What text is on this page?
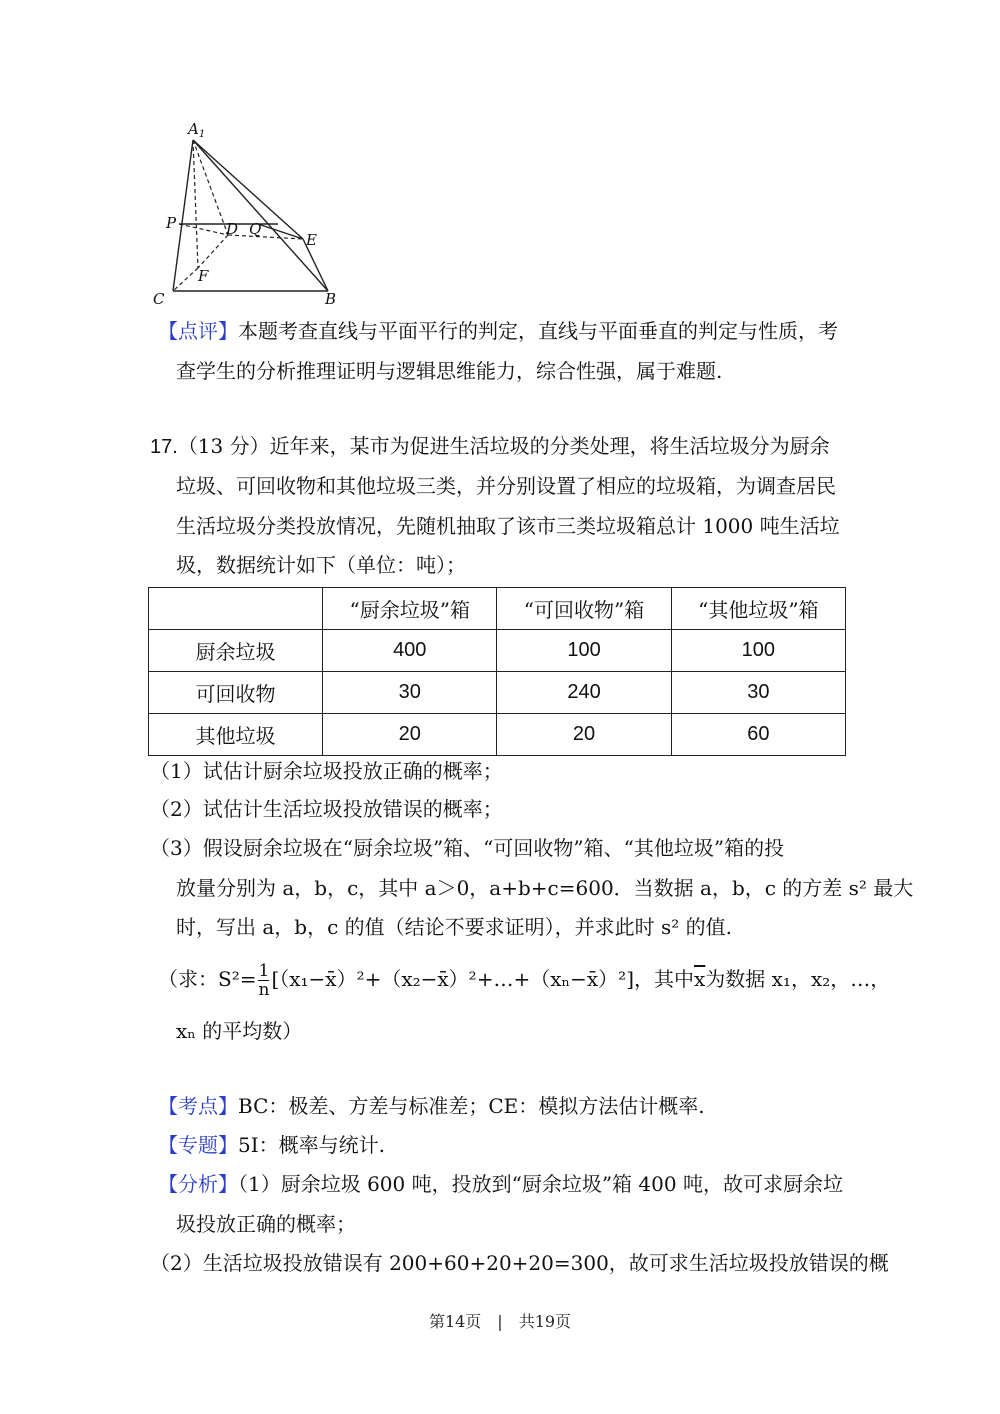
$A_1$
P	D Q
E
F
C	B
【点评】本题考查直线与平面平行的判定，直线与平面垂直的判定与性质，考
查学生的分析推理证明与逻辑思维能力，综合性强，属于难题.
17.（13 分）近年来，某市为促进生活垃圾的分类处理，将生活垃圾分为厨余
垃圾、可回收物和其他垃圾三类，并分别设置了相应的垃圾箱，为调查居民
生活垃圾分类投放情况，先随机抽取了该市三类垃圾箱总计 1000 吨生活垃
圾，数据统计如下（单位：吨）；
	“厨余垃圾”箱	“可回收物”箱	“其他垃圾”箱
厨余垃圾	400	100	100
可回收物	30	240	30
其他垃圾	20	20	60
（1）试估计厨余垃圾投放正确的概率；
（2）试估计生活垃圾投放错误的概率；
（3）假设厨余垃圾在“厨余垃圾”箱、“可回收物”箱、“其他垃圾”箱的投
放量分别为 a，b，c，其中 a＞0，a+b+c=600．当数据 a，b，c 的方差 s² 最大
时，写出 a，b，c 的值（结论不要求证明），并求此时 s² 的值.
（求：$S^2= \frac{1}{n}$ [（x₁−x̄）²+（x₂−x̄）²+…+（xₙ−x̄）²]，其中$\overline{x}$为数据 x₁，x₂，…，
xₙ 的平均数）
【考点】BC：极差、方差与标准差；CE：模拟方法估计概率.
【专题】5I：概率与统计.
【分析】（1）厨余垃圾 600 吨，投放到“厨余垃圾”箱 400 吨，故可求厨余垃
圾投放正确的概率；
（2）生活垃圾投放错误有 200+60+20+20=300，故可求生活垃圾投放错误的概
第14页　|　共19页
